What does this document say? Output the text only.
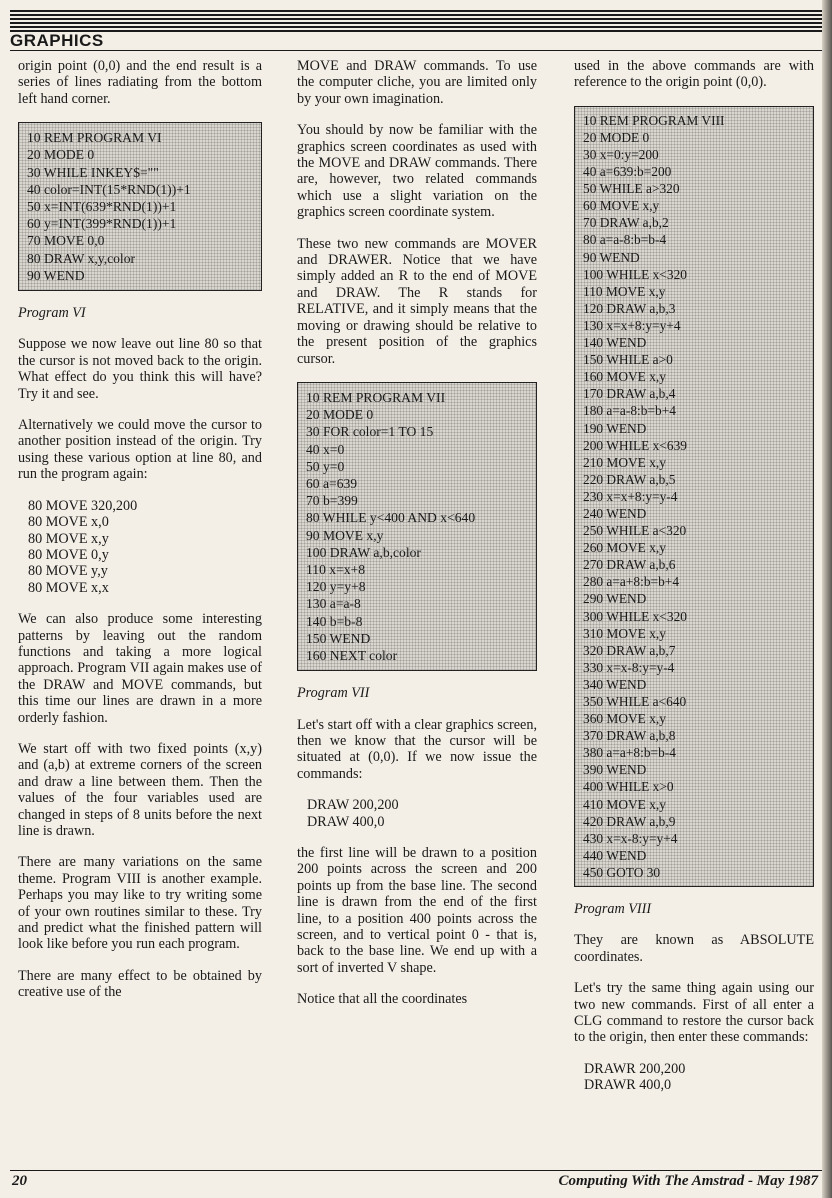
GRAPHICS

origin point (0,0) and the end result is a series of lines radiating from the bottom left hand corner.

10 REM PROGRAM VI
20 MODE 0
30 WHILE INKEY$=""
40 color=INT(15*RND(1))+1
50 x=INT(639*RND(1))+1
60 y=INT(399*RND(1))+1
70 MOVE 0,0
80 DRAW x,y,color
90 WEND
Program VI

Suppose we now leave out line 80 so that the cursor is not moved back to the origin. What effect do you think this will have? Try it and see.

Alternatively we could move the cursor to another position instead of the origin. Try using these various option at line 80, and run the program again:

80 MOVE 320,200
80 MOVE x,0
80 MOVE x,y
80 MOVE 0,y
80 MOVE y,y
80 MOVE x,x

We can also produce some interesting patterns by leaving out the random functions and taking a more logical approach. Program VII again makes use of the DRAW and MOVE commands, but this time our lines are drawn in a more orderly fashion.

We start off with two fixed points (x,y) and (a,b) at extreme corners of the screen and draw a line between them. Then the values of the four variables used are changed in steps of 8 units before the next line is drawn.

There are many variations on the same theme. Program VIII is another example. Perhaps you may like to try writing some of your own routines similar to these. Try and predict what the finished pattern will look like before you run each program.

There are many effect to be obtained by creative use of the

MOVE and DRAW commands. To use the computer cliche, you are limited only by your own imagination.

You should by now be familiar with the graphics screen coordinates as used with the MOVE and DRAW commands. There are, however, two related commands which use a slight variation on the graphics screen coordinate system.

These two new commands are MOVER and DRAWER. Notice that we have simply added an R to the end of MOVE and DRAW. The R stands for RELATIVE, and it simply means that the moving or drawing should be relative to the present position of the graphics cursor.

10 REM PROGRAM VII
20 MODE 0
30 FOR color=1 TO 15
40 x=0
50 y=0
60 a=639
70 b=399
80 WHILE y<400 AND x<640
90 MOVE x,y
100 DRAW a,b,color
110 x=x+8
120 y=y+8
130 a=a-8
140 b=b-8
150 WEND
160 NEXT color
Program VII

Let's start off with a clear graphics screen, then we know that the cursor will be situated at (0,0). If we now issue the commands:

DRAW 200,200
DRAW 400,0

the first line will be drawn to a position 200 points across the screen and 200 points up from the base line. The second line is drawn from the end of the first line, to a position 400 points across the screen, and to vertical point 0 - that is, back to the base line. We end up with a sort of inverted V shape.

Notice that all the coordinates

used in the above commands are with reference to the origin point (0,0).

10 REM PROGRAM VIII
20 MODE 0
30 x=0:y=200
40 a=639:b=200
50 WHILE a>320
60 MOVE x,y
70 DRAW a,b,2
80 a=a-8:b=b-4
90 WEND
100 WHILE x<320
110 MOVE x,y
120 DRAW a,b,3
130 x=x+8:y=y+4
140 WEND
150 WHILE a>0
160 MOVE x,y
170 DRAW a,b,4
180 a=a-8:b=b+4
190 WEND
200 WHILE x<639
210 MOVE x,y
220 DRAW a,b,5
230 x=x+8:y=y-4
240 WEND
250 WHILE a<320
260 MOVE x,y
270 DRAW a,b,6
280 a=a+8:b=b+4
290 WEND
300 WHILE x<320
310 MOVE x,y
320 DRAW a,b,7
330 x=x-8:y=y-4
340 WEND
350 WHILE a<640
360 MOVE x,y
370 DRAW a,b,8
380 a=a+8:b=b-4
390 WEND
400 WHILE x>0
410 MOVE x,y
420 DRAW a,b,9
430 x=x-8:y=y+4
440 WEND
450 GOTO 30
Program VIII

They are known as ABSOLUTE coordinates.

Let's try the same thing again using our two new commands. First of all enter a CLG command to restore the cursor back to the origin, then enter these commands:

DRAWR 200,200
DRAWR 400,0
20	Computing With The Amstrad - May 1987
